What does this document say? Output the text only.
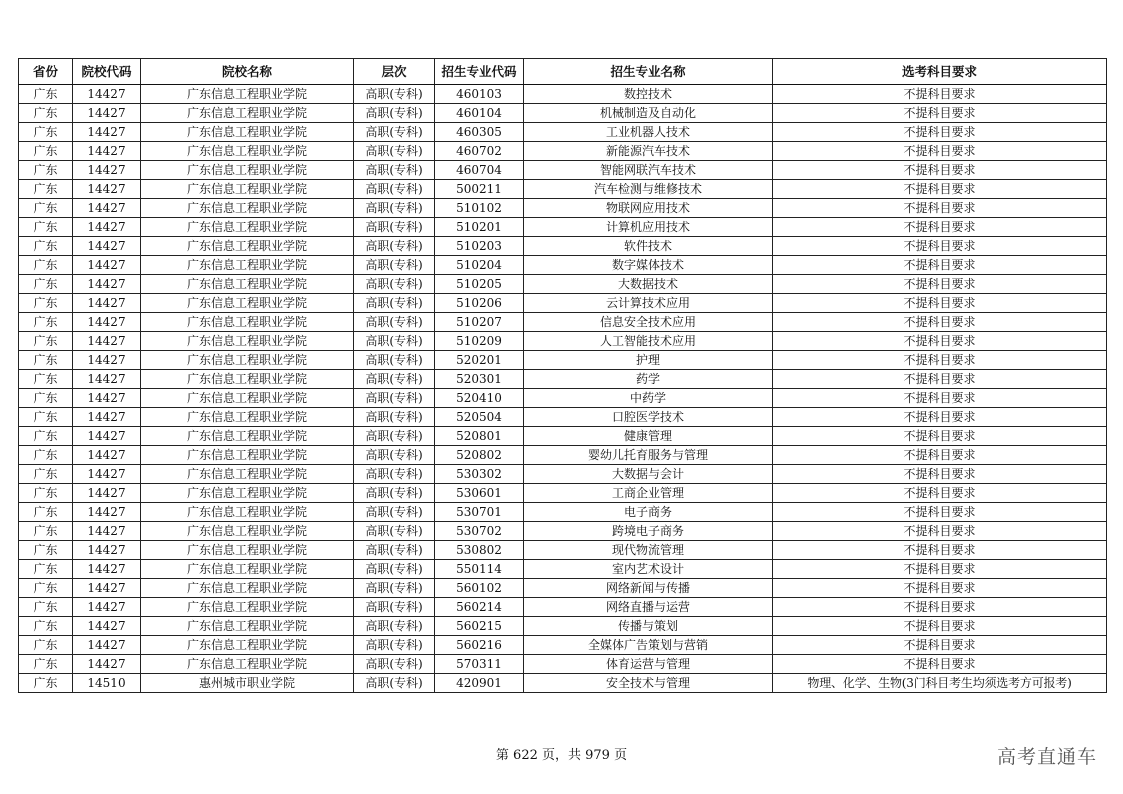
省份	院校代码	院校名称	层次	招生专业代码	招生专业名称	选考科目要求
广东	14427	广东信息工程职业学院	高职(专科)	460103	数控技术	不提科目要求
广东	14427	广东信息工程职业学院	高职(专科)	460104	机械制造及自动化	不提科目要求
广东	14427	广东信息工程职业学院	高职(专科)	460305	工业机器人技术	不提科目要求
广东	14427	广东信息工程职业学院	高职(专科)	460702	新能源汽车技术	不提科目要求
广东	14427	广东信息工程职业学院	高职(专科)	460704	智能网联汽车技术	不提科目要求
广东	14427	广东信息工程职业学院	高职(专科)	500211	汽车检测与维修技术	不提科目要求
广东	14427	广东信息工程职业学院	高职(专科)	510102	物联网应用技术	不提科目要求
广东	14427	广东信息工程职业学院	高职(专科)	510201	计算机应用技术	不提科目要求
广东	14427	广东信息工程职业学院	高职(专科)	510203	软件技术	不提科目要求
广东	14427	广东信息工程职业学院	高职(专科)	510204	数字媒体技术	不提科目要求
广东	14427	广东信息工程职业学院	高职(专科)	510205	大数据技术	不提科目要求
广东	14427	广东信息工程职业学院	高职(专科)	510206	云计算技术应用	不提科目要求
广东	14427	广东信息工程职业学院	高职(专科)	510207	信息安全技术应用	不提科目要求
广东	14427	广东信息工程职业学院	高职(专科)	510209	人工智能技术应用	不提科目要求
广东	14427	广东信息工程职业学院	高职(专科)	520201	护理	不提科目要求
广东	14427	广东信息工程职业学院	高职(专科)	520301	药学	不提科目要求
广东	14427	广东信息工程职业学院	高职(专科)	520410	中药学	不提科目要求
广东	14427	广东信息工程职业学院	高职(专科)	520504	口腔医学技术	不提科目要求
广东	14427	广东信息工程职业学院	高职(专科)	520801	健康管理	不提科目要求
广东	14427	广东信息工程职业学院	高职(专科)	520802	婴幼儿托育服务与管理	不提科目要求
广东	14427	广东信息工程职业学院	高职(专科)	530302	大数据与会计	不提科目要求
广东	14427	广东信息工程职业学院	高职(专科)	530601	工商企业管理	不提科目要求
广东	14427	广东信息工程职业学院	高职(专科)	530701	电子商务	不提科目要求
广东	14427	广东信息工程职业学院	高职(专科)	530702	跨境电子商务	不提科目要求
广东	14427	广东信息工程职业学院	高职(专科)	530802	现代物流管理	不提科目要求
广东	14427	广东信息工程职业学院	高职(专科)	550114	室内艺术设计	不提科目要求
广东	14427	广东信息工程职业学院	高职(专科)	560102	网络新闻与传播	不提科目要求
广东	14427	广东信息工程职业学院	高职(专科)	560214	网络直播与运营	不提科目要求
广东	14427	广东信息工程职业学院	高职(专科)	560215	传播与策划	不提科目要求
广东	14427	广东信息工程职业学院	高职(专科)	560216	全媒体广告策划与营销	不提科目要求
广东	14427	广东信息工程职业学院	高职(专科)	570311	体育运营与管理	不提科目要求
广东	14510	惠州城市职业学院	高职(专科)	420901	安全技术与管理	物理、化学、生物(3门科目考生均须选考方可报考)
第 622 页，共 979 页	高考直通车
